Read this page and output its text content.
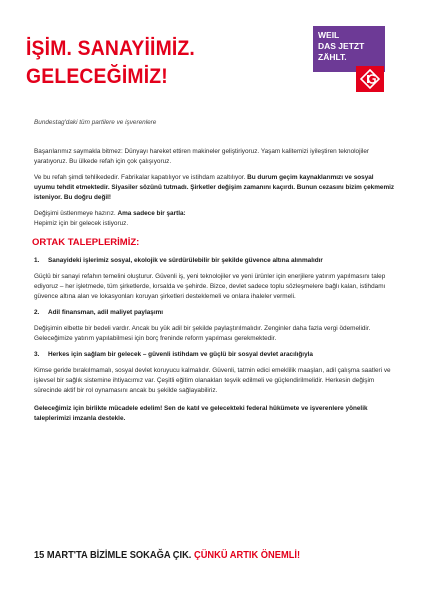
İŞİM. SANAYİİMİZ.
GELECEĞİMİZ!
WEIL
DAS JETZT
ZÄHLT.
Bundestag'daki tüm partilere ve işverenlere

Başarılarımız saymakla bitmez: Dünyayı hareket ettiren makineler geliştiriyoruz. Yaşam kalitemizi iyileştiren teknolojiler yaratıyoruz. Bu ülkede refah için çok çalışıyoruz.

Ve bu refah şimdi tehlikededir. Fabrikalar kapatılıyor ve istihdam azaltılıyor. Bu durum geçim kaynaklarımızı ve sosyal uyumu tehdit etmektedir. Siyasiler sözünü tutmadı. Şirketler değişim zamanını kaçırdı. Bunun cezasını bizim çekmemiz isteniyor. Bu doğru değil!

Değişimi üstlenmeye hazırız. Ama sadece bir şartla:
Hepimiz için bir gelecek istiyoruz.

ORTAK TALEPLERİMİZ:
1.	Sanayideki işlerimiz sosyal, ekolojik ve sürdürülebilir bir şekilde güvence altına alınmalıdır

Güçlü bir sanayi refahın temelini oluşturur. Güvenli iş, yeni teknolojiler ve yeni ürünler için enerjilere yatırım yapılmasını talep ediyoruz – her işletmede, tüm şirketlerde, kırsalda ve şehirde. Bizce, devlet sadece toplu sözleşmelere bağlı kalan, istihdamı güvence altına alan ve lokasyonları koruyan şirketleri desteklemeli ve onlara ihaleler vermeli.

2.	Adil finansman, adil maliyet paylaşımı

Değişimin elbette bir bedeli vardır. Ancak bu yük adil bir şekilde paylaştırılmalıdır. Zenginler daha fazla vergi ödemelidir. Geleceğimize yatırım yapılabilmesi için borç freninde reform yapılması gerekmektedir.

3.	Herkes için sağlam bir gelecek – güvenli istihdam ve güçlü bir sosyal devlet aracılığıyla

Kimse geride bırakılmamalı, sosyal devlet koruyucu kalmalıdır. Güvenli, tatmin edici emeklilik maaşları, adil çalışma saatleri ve işlevsel bir sağlık sistemine ihtiyacımız var. Çeşitli eğitim olanakları teşvik edilmeli ve güçlendirilmelidir. Herkesin değişim sürecinde aktif bir rol oynamasını ancak bu şekilde sağlayabiliriz.

Geleceğimiz için birlikte mücadele edelim! Sen de katıl ve gelecekteki federal hükümete ve işverenlere yönelik taleplerimizi imzanla destekle.

15 MART'TA BİZİMLE SOKAĞA ÇIK. ÇÜNKÜ ARTIK ÖNEMLİ!
